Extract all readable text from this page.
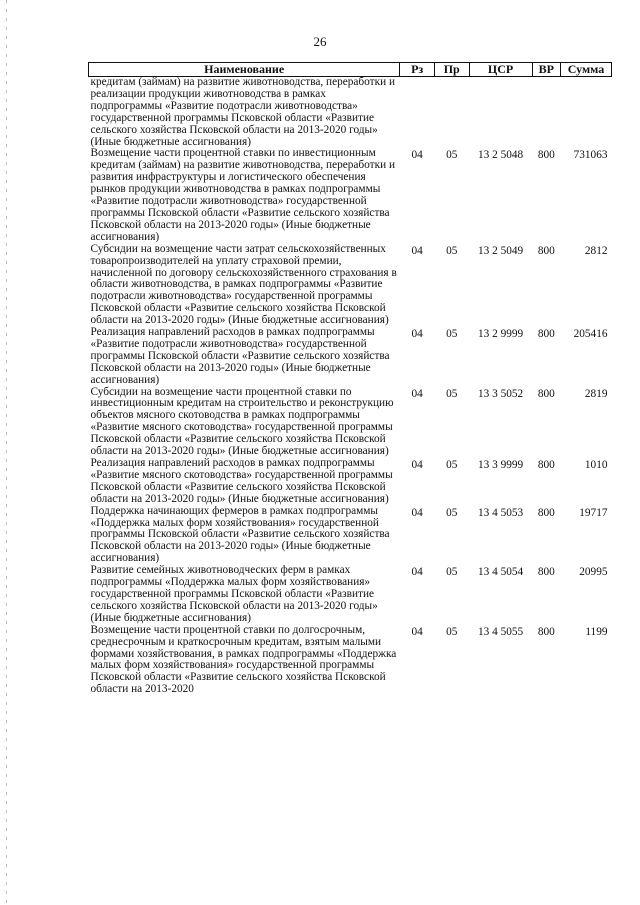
26
Наименование	Рз	Пр	ЦСР	ВР	Сумма
кредитам (займам) на развитие животноводства, переработки и реализации продукции животноводства в рамках подпрограммы «Развитие подотрасли животноводства» государственной программы Псковской области «Развитие сельского хозяйства Псковской области на 2013-2020 годы» (Иные бюджетные ассигнования)					
Возмещение части процентной ставки по инвестиционным кредитам (займам) на развитие животноводства, переработки и развития инфраструктуры и логистического обеспечения рынков продукции животноводства в рамках подпрограммы «Развитие подотрасли животноводства» государственной программы Псковской области «Развитие сельского хозяйства Псковской области на 2013-2020 годы» (Иные бюджетные ассигнования)	04	05	13 2 5048	800	731063
Субсидии на возмещение части затрат сельскохозяйственных товаропроизводителей на уплату страховой премии, начисленной по договору сельскохозяйственного страхования в области животноводства, в рамках подпрограммы «Развитие подотрасли животноводства» государственной программы Псковской области «Развитие сельского хозяйства Псковской области на 2013-2020 годы» (Иные бюджетные ассигнования)	04	05	13 2 5049	800	2812
Реализация направлений расходов в рамках подпрограммы «Развитие подотрасли животноводства» государственной программы Псковской области «Развитие сельского хозяйства Псковской области на 2013-2020 годы» (Иные бюджетные ассигнования)	04	05	13 2 9999	800	205416
Субсидии на возмещение части процентной ставки по инвестиционным кредитам на строительство и реконструкцию объектов мясного скотоводства в рамках подпрограммы «Развитие мясного скотоводства» государственной программы Псковской области «Развитие сельского хозяйства Псковской области на 2013-2020 годы» (Иные бюджетные ассигнования)	04	05	13 3 5052	800	2819
Реализация направлений расходов в рамках подпрограммы «Развитие мясного скотоводства» государственной программы Псковской области «Развитие сельского хозяйства Псковской области на 2013-2020 годы» (Иные бюджетные ассигнования)	04	05	13 3 9999	800	1010
Поддержка начинающих фермеров в рамках подпрограммы «Поддержка малых форм хозяйствования» государственной программы Псковской области «Развитие сельского хозяйства Псковской области на 2013-2020 годы» (Иные бюджетные ассигнования)	04	05	13 4 5053	800	19717
Развитие семейных животноводческих ферм в рамках подпрограммы «Поддержка малых форм хозяйствования» государственной программы Псковской области «Развитие сельского хозяйства Псковской области на 2013-2020 годы» (Иные бюджетные ассигнования)	04	05	13 4 5054	800	20995
Возмещение части процентной ставки по долгосрочным, среднесрочным и краткосрочным кредитам, взятым малыми формами хозяйствования, в рамках подпрограммы «Поддержка малых форм хозяйствования» государственной программы Псковской области «Развитие сельского хозяйства Псковской области на 2013-2020	04	05	13 4 5055	800	1199
